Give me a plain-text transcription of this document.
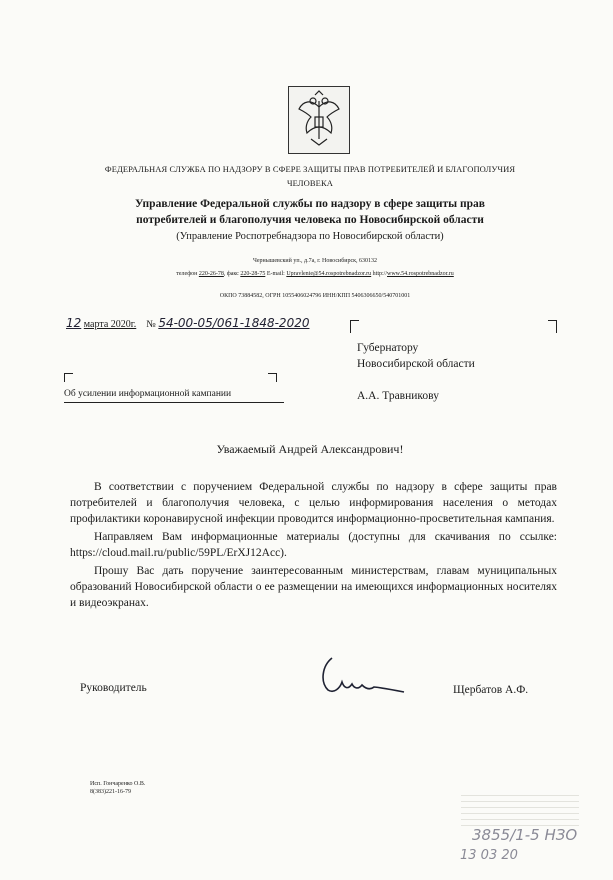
ФЕДЕРАЛЬНАЯ СЛУЖБА ПО НАДЗОРУ В СФЕРЕ ЗАЩИТЫ ПРАВ ПОТРЕБИТЕЛЕЙ И БЛАГОПОЛУЧИЯ
ЧЕЛОВЕКА
Управление Федеральной службы по надзору в сфере защиты прав
потребителей и благополучия человека по Новосибирской области
(Управление Роспотребнадзора по Новосибирской области)
Чернышевский уп., д.7а, г. Новосибирск, 630132
телефон 220-26-78, факс 220-28-75 E-mail: Upravlenie@54.rospotrebnadzor.ru http://www.54.rospotrebnadzor.ru
ОКПО 73884582, ОГРН 1055406024796 ИНН/КПП 5406306650/540701001
12 марта 2020г. № 54-00-05/061-1848-2020
Губернатору
Новосибирской области
А.А. Травникову
Об усилении информационной кампании
Уважаемый Андрей Александрович!

В соответствии с поручением Федеральной службы по надзору в сфере защиты прав потребителей и благополучия человека, с целью информирования населения о методах профилактики коронавирусной инфекции проводится информационно-просветительная кампания.

Направляем Вам информационные материалы (доступны для скачивания по ссылке: https://cloud.mail.ru/public/59PL/ErXJ12Acc).

Прошу Вас дать поручение заинтересованным министерствам, главам муниципальных образований Новосибирской области о ее размещении на имеющихся информационных носителях и видеоэкранах.

Руководитель	Щербатов А.Ф.
Исп. Гончаренко О.В.
8(383)221-16-79
3855/1-5 НЗО
13 03 20
